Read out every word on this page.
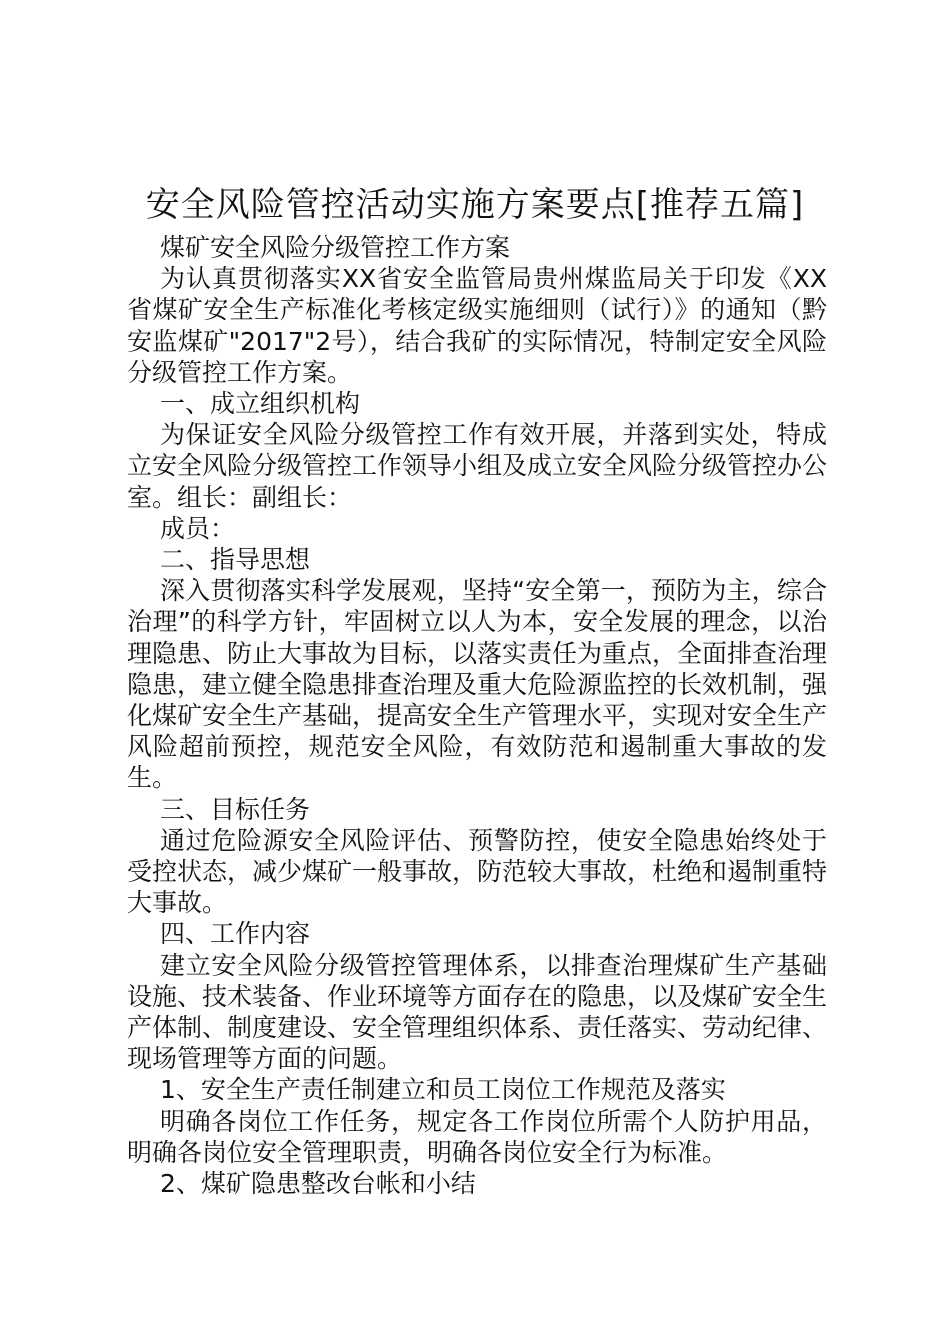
安全风险管控活动实施方案要点[推荐五篇]

煤矿安全风险分级管控工作方案

为认真贯彻落实XX省安全监管局贵州煤监局关于印发《XX省煤矿安全生产标准化考核定级实施细则（试行）》的通知（黔安监煤矿"2017"2号），结合我矿的实际情况，特制定安全风险分级管控工作方案。

一、成立组织机构

为保证安全风险分级管控工作有效开展，并落到实处，特成立安全风险分级管控工作领导小组及成立安全风险分级管控办公室。组长：副组长：

成员：

二、指导思想

深入贯彻落实科学发展观，坚持“安全第一，预防为主，综合治理”的科学方针，牢固树立以人为本，安全发展的理念，以治理隐患、防止大事故为目标，以落实责任为重点，全面排查治理隐患，建立健全隐患排查治理及重大危险源监控的长效机制，强化煤矿安全生产基础，提高安全生产管理水平，实现对安全生产风险超前预控，规范安全风险，有效防范和遏制重大事故的发生。

三、目标任务

通过危险源安全风险评估、预警防控，使安全隐患始终处于受控状态，减少煤矿一般事故，防范较大事故，杜绝和遏制重特大事故。

四、工作内容

建立安全风险分级管控管理体系，以排查治理煤矿生产基础设施、技术装备、作业环境等方面存在的隐患，以及煤矿安全生产体制、制度建设、安全管理组织体系、责任落实、劳动纪律、现场管理等方面的问题。

1、安全生产责任制建立和员工岗位工作规范及落实

明确各岗位工作任务，规定各工作岗位所需个人防护用品，明确各岗位安全管理职责，明确各岗位安全行为标准。

2、煤矿隐患整改台帐和小结
